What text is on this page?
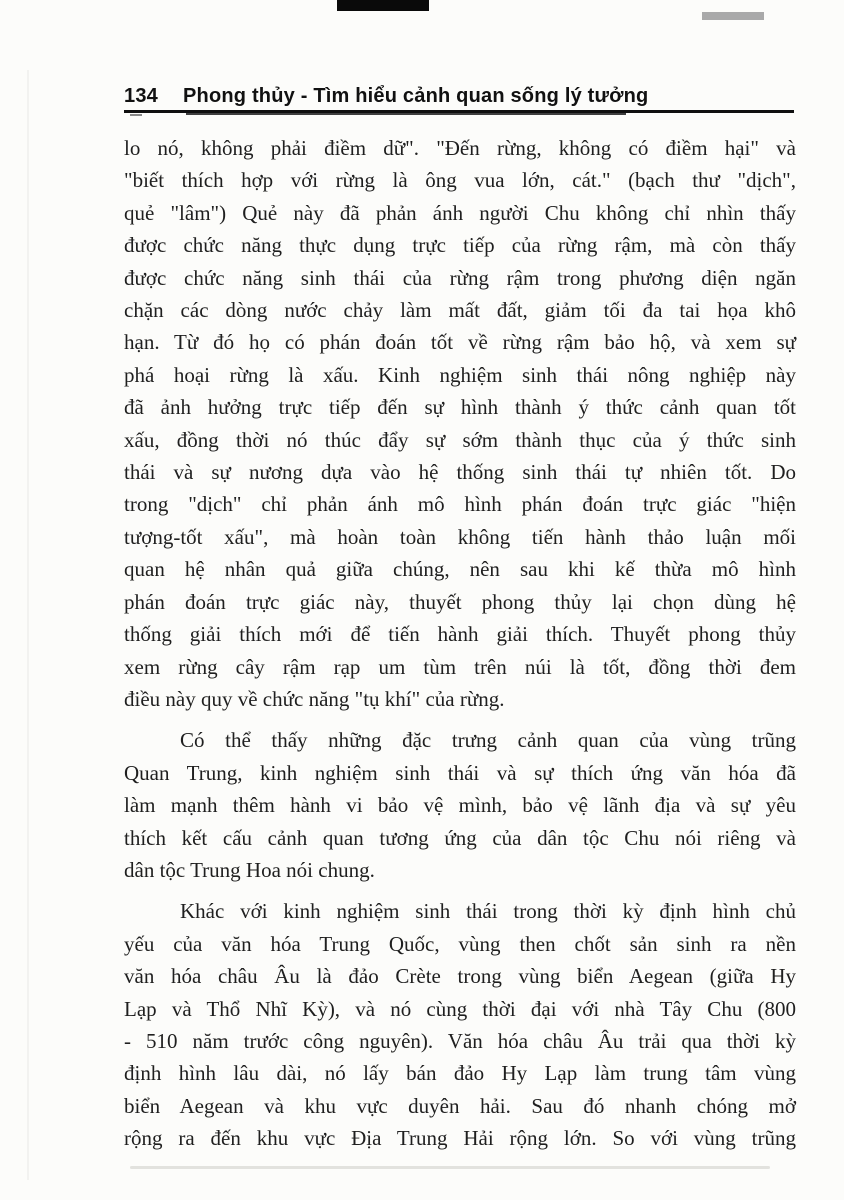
134 Phong thủy - Tìm hiểu cảnh quan sống lý tưởng
lo nó, không phải điềm dữ". "Đến rừng, không có điềm hại" và
"biết thích hợp với rừng là ông vua lớn, cát." (bạch thư "dịch",
quẻ "lâm") Quẻ này đã phản ánh người Chu không chỉ nhìn thấy
được chức năng thực dụng trực tiếp của rừng rậm, mà còn thấy
được chức năng sinh thái của rừng rậm trong phương diện ngăn
chặn các dòng nước chảy làm mất đất, giảm tối đa tai họa khô
hạn. Từ đó họ có phán đoán tốt về rừng rậm bảo hộ, và xem sự
phá hoại rừng là xấu. Kinh nghiệm sinh thái nông nghiệp này
đã ảnh hưởng trực tiếp đến sự hình thành ý thức cảnh quan tốt
xấu, đồng thời nó thúc đẩy sự sớm thành thục của ý thức sinh
thái và sự nương dựa vào hệ thống sinh thái tự nhiên tốt. Do
trong "dịch" chỉ phản ánh mô hình phán đoán trực giác "hiện
tượng-tốt xấu", mà hoàn toàn không tiến hành thảo luận mối
quan hệ nhân quả giữa chúng, nên sau khi kế thừa mô hình
phán đoán trực giác này, thuyết phong thủy lại chọn dùng hệ
thống giải thích mới để tiến hành giải thích. Thuyết phong thủy
xem rừng cây rậm rạp um tùm trên núi là tốt, đồng thời đem
điều này quy về chức năng "tụ khí" của rừng.
Có thể thấy những đặc trưng cảnh quan của vùng trũng
Quan Trung, kinh nghiệm sinh thái và sự thích ứng văn hóa đã
làm mạnh thêm hành vi bảo vệ mình, bảo vệ lãnh địa và sự yêu
thích kết cấu cảnh quan tương ứng của dân tộc Chu nói riêng và
dân tộc Trung Hoa nói chung.
Khác với kinh nghiệm sinh thái trong thời kỳ định hình chủ
yếu của văn hóa Trung Quốc, vùng then chốt sản sinh ra nền
văn hóa châu Âu là đảo Crète trong vùng biển Aegean (giữa Hy
Lạp và Thổ Nhĩ Kỳ), và nó cùng thời đại với nhà Tây Chu (800
- 510 năm trước công nguyên). Văn hóa châu Âu trải qua thời kỳ
định hình lâu dài, nó lấy bán đảo Hy Lạp làm trung tâm vùng
biển Aegean và khu vực duyên hải. Sau đó nhanh chóng mở
rộng ra đến khu vực Địa Trung Hải rộng lớn. So với vùng trũng
